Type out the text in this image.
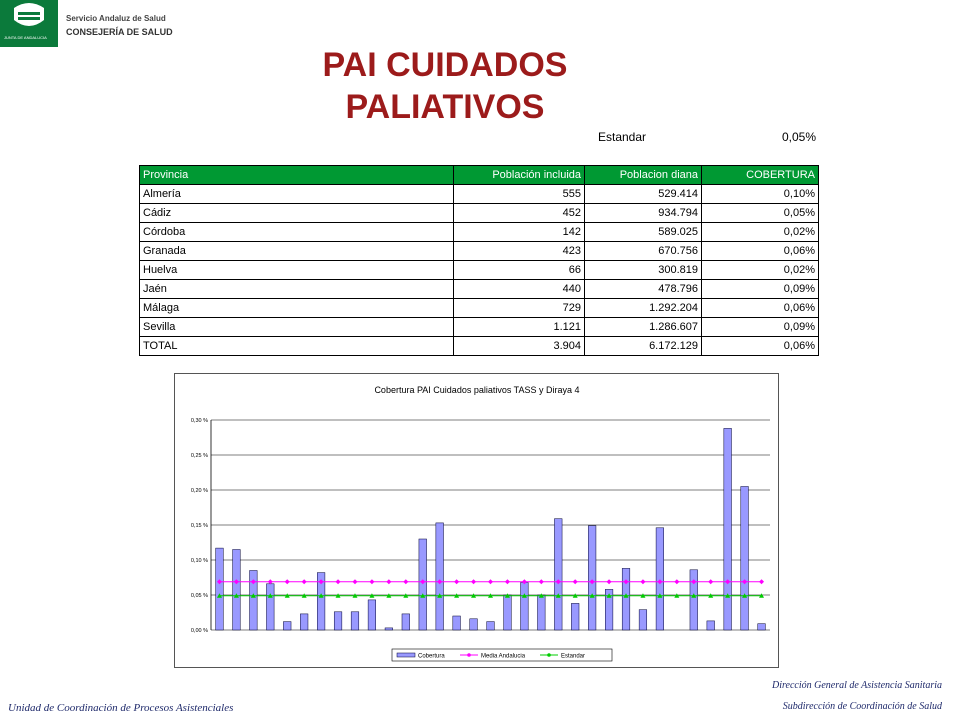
JUNTA DE ANDALUCIA
Servicio Andaluz de Salud
CONSEJERÍA DE SALUD
PAI CUIDADOS
PALIATIVOS
Estandar	0,05%
Provincia	Población incluida	Poblacion diana	COBERTURA
Almería	555	529.414	0,10%
Cádiz	452	934.794	0,05%
Córdoba	142	589.025	0,02%
Granada	423	670.756	0,06%
Huelva	66	300.819	0,02%
Jaén	440	478.796	0,09%
Málaga	729	1.292.204	0,06%
Sevilla	1.121	1.286.607	0,09%
TOTAL	3.904	6.172.129	0,06%
Cobertura PAI Cuidados paliativos TASS y Diraya 4
0,00 %
0,05 %
0,10 %
0,15 %
0,20 %
0,25 %
0,30 %
Cobertura	Media Andalucia	Estandar
Unidad de Coordinación de Procesos Asistenciales
Dirección General de Asistencia Sanitaria
Subdirección de Coordinación de Salud
